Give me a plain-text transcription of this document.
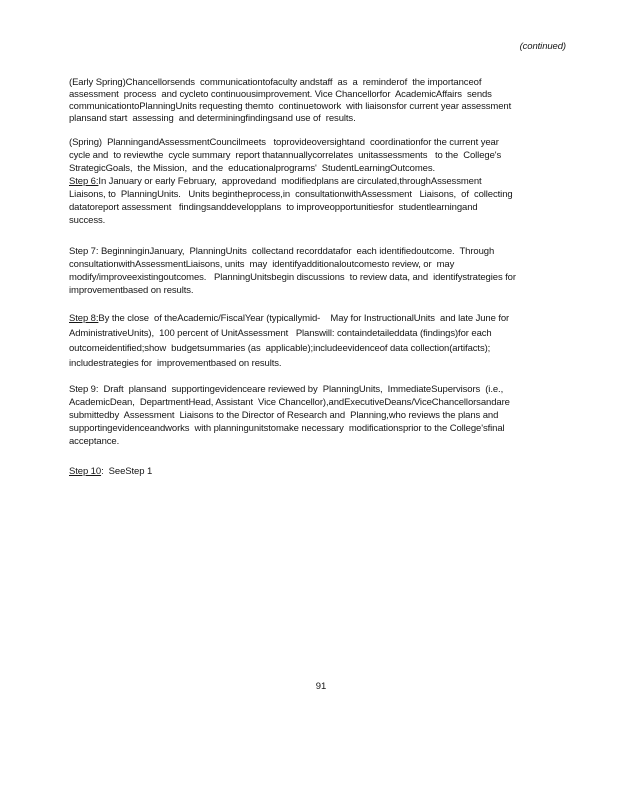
(continued)
(Early Spring)Chancellorsends  communicationtofaculty andstaff  as  a  reminderof  the importanceof
assessment  process  and cycleto continuousimprovement. Vice Chancellorfor  AcademicAffairs  sends
communicationtoPlanningUnits requesting themto  continuetowork  with liaisonsfor current year assessment
plansand start  assessing  and determiningfindingsand use of  results.
(Spring)  PlanningandAssessmentCouncilmeets   toprovideoversightand  coordinationfor the current year
cycle and  to reviewthe  cycle summary  report thatannuallycorrelates  unitassessments   to the  College's
StrategicGoals,  the Mission,  and the  educationalprograms'  StudentLearningOutcomes.
Step 6:In January or early February,  approvedand  modifiedplans are circulated,throughAssessment
Liaisons, to  PlanningUnits.   Units begintheprocess,in  consultationwithAssessment   Liaisons,  of  collecting
datatoreport assessment   findingsanddevelopplans  to improveopportunitiesfor  studentlearningand
success.
Step 7: BeginninginJanuary,  PlanningUnits  collectand recorddatafor  each identifiedoutcome.  Through
consultationwithAssessmentLiaisons, units  may  identifyadditionaloutcomesto review, or  may
modify/improveexistingoutcomes.   PlanningUnitsbegin discussions  to review data, and  identifystrategies for
improvementbased on results.
Step 8:By the close  of theAcademic/FiscalYear (typicallymid-    May for InstructionalUnits  and late June for
AdministrativeUnits),  100 percent of UnitAssessment   Planswill: containdetaileddata (findings)for each
outcomeidentified;show  budgetsummaries (as  applicable);includeevidenceof data collection(artifacts);
includestrategies for  improvementbased on results.
Step 9:  Draft  plansand  supportingevidenceare reviewed by  PlanningUnits,  ImmediateSupervisors  (i.e.,
AcademicDean,  DepartmentHead, Assistant  Vice Chancellor),andExecutiveDeans/ViceChancellorsandare
submittedby  Assessment  Liaisons to the Director of Research and  Planning,who reviews the plans and
supportingevidenceandworks  with planningunitstomake necessary  modificationsprior to the College'sfinal
acceptance.
Step 10:  SeeStep 1
91
